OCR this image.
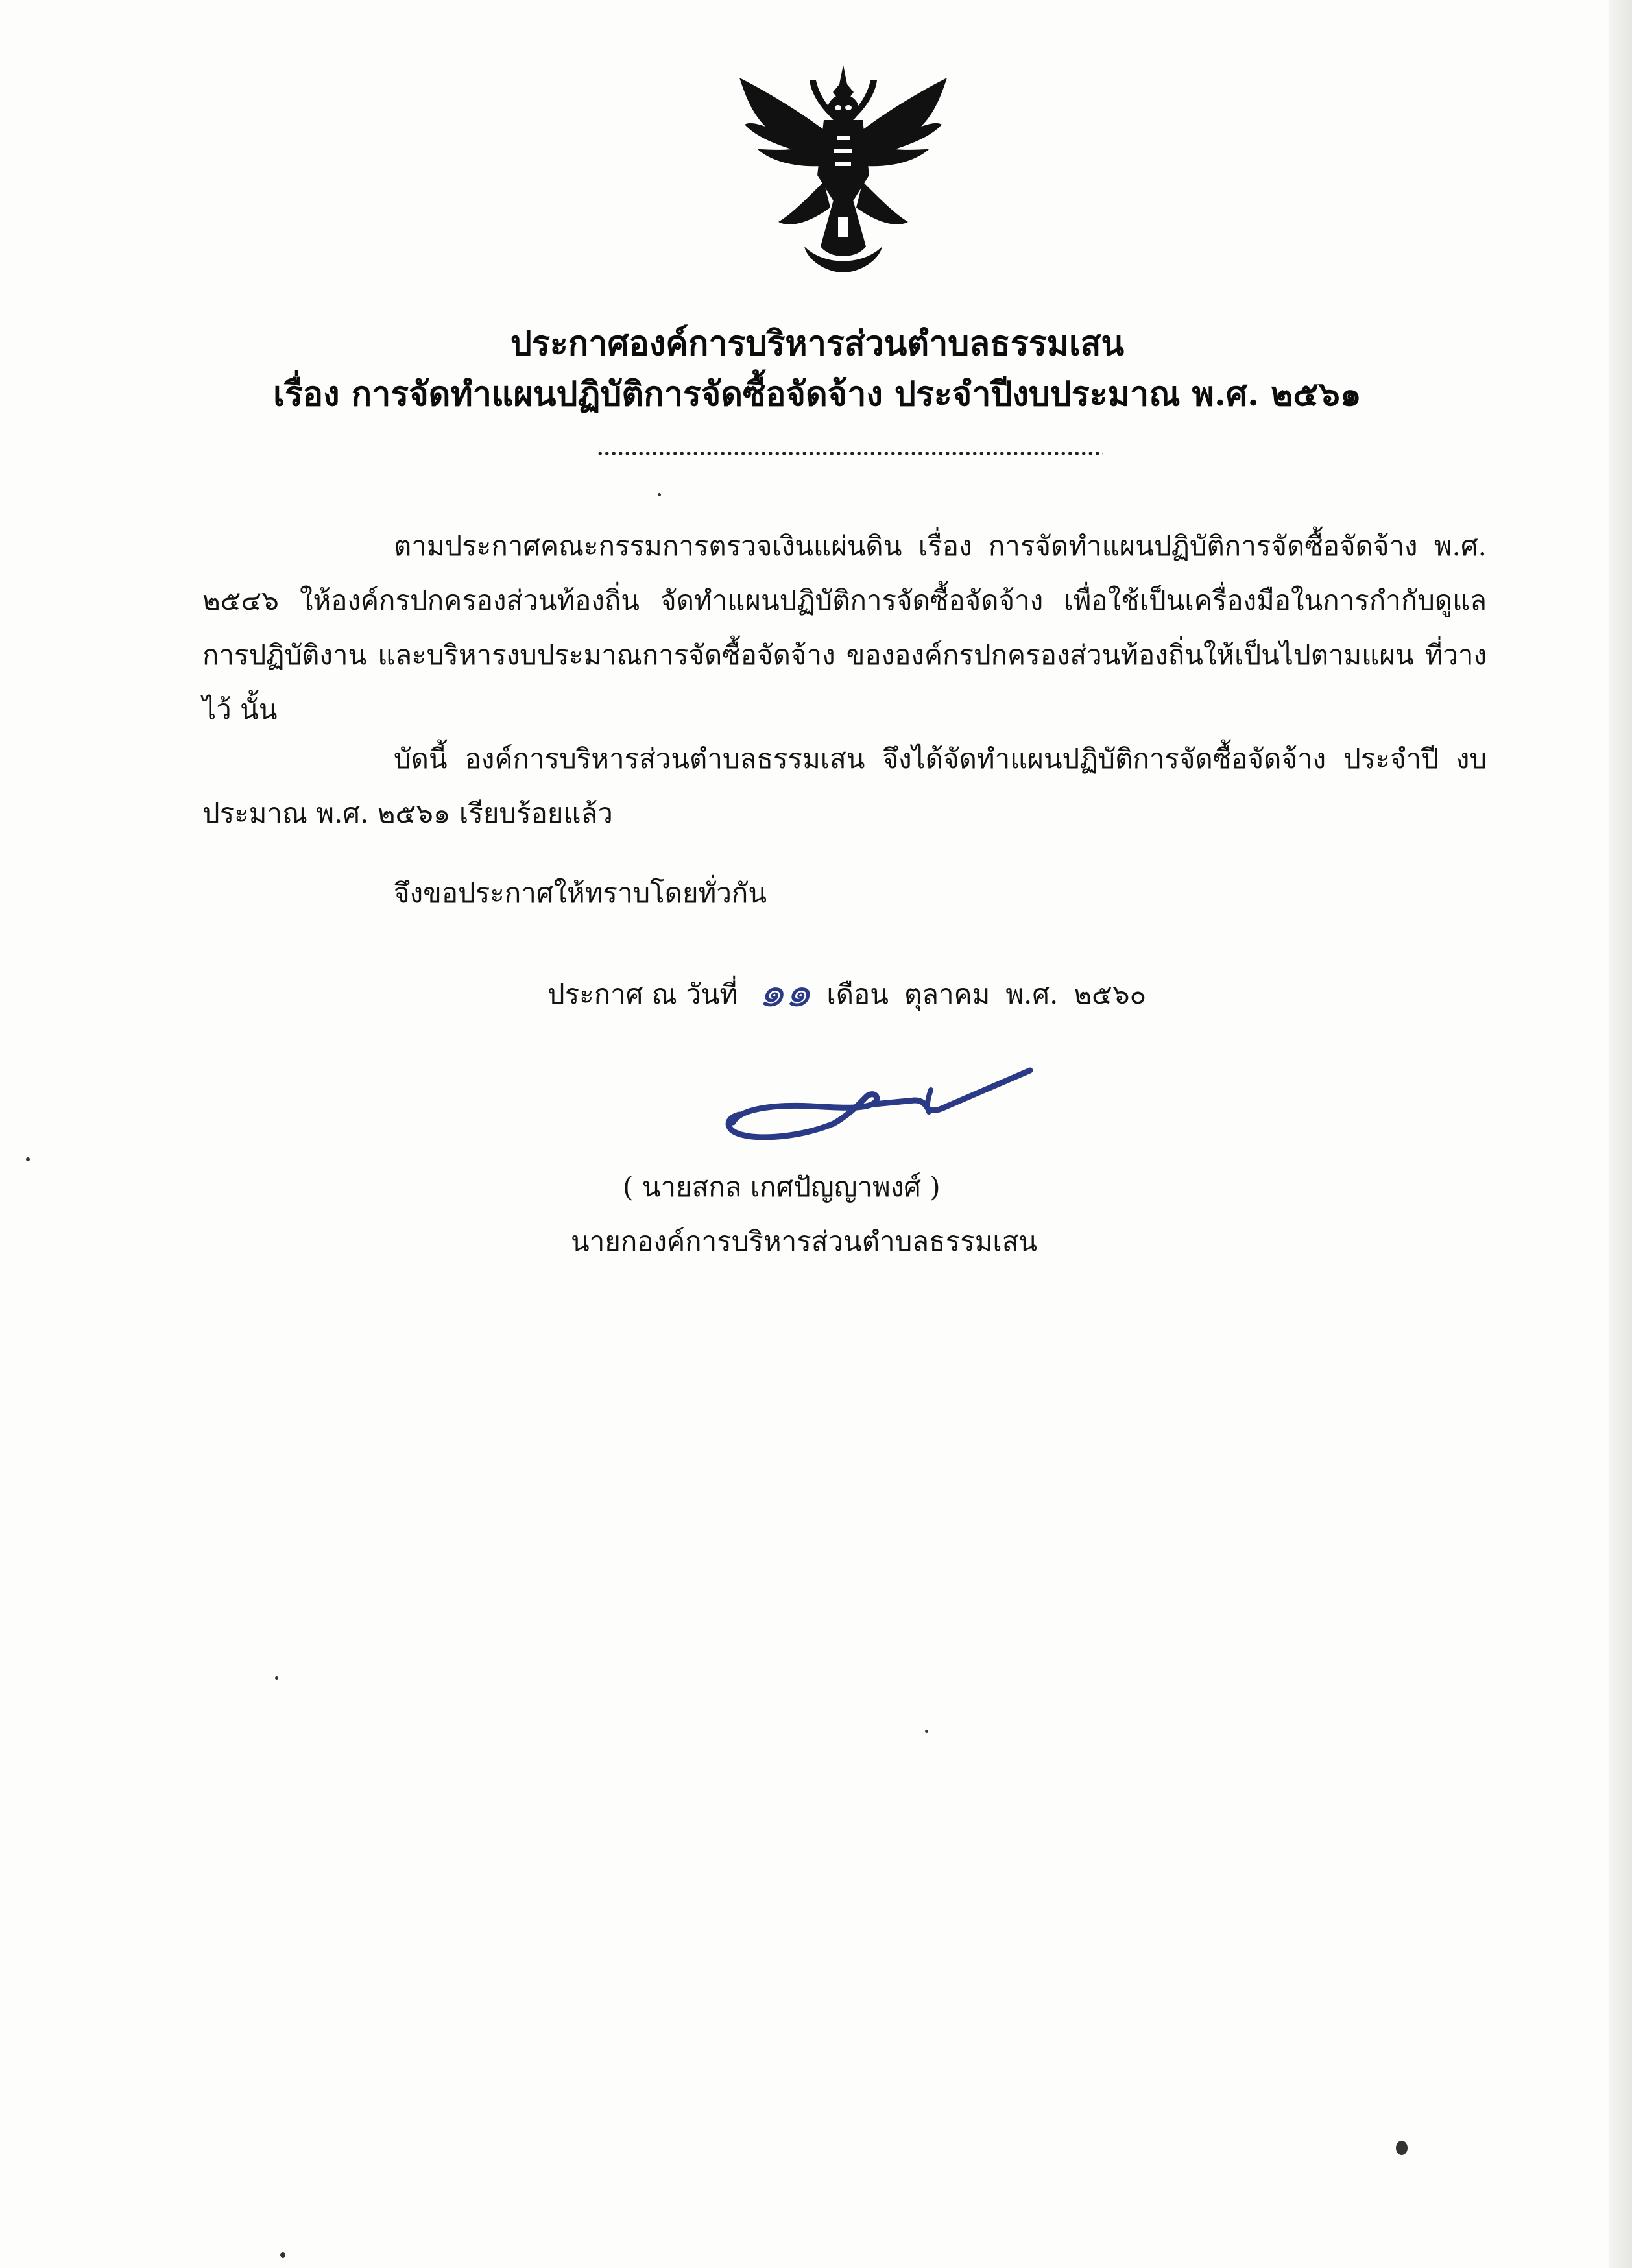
ประกาศองค์การบริหารส่วนตำบลธรรมเสน
เรื่อง การจัดทำแผนปฏิบัติการจัดซื้อจัดจ้าง ประจำปีงบประมาณ พ.ศ. ๒๕๖๑

ตามประกาศคณะกรรมการตรวจเงินแผ่นดิน เรื่อง การจัดทำแผนปฏิบัติการจัดซื้อจัดจ้าง พ.ศ. ๒๕๔๖ ให้องค์กรปกครองส่วนท้องถิ่น จัดทำแผนปฏิบัติการจัดซื้อจัดจ้าง เพื่อใช้เป็นเครื่องมือในการกำกับดูแล การปฏิบัติงาน และบริหารงบประมาณการจัดซื้อจัดจ้าง ขององค์กรปกครองส่วนท้องถิ่นให้เป็นไปตามแผน ที่วางไว้ นั้น

บัดนี้ องค์การบริหารส่วนตำบลธรรมเสน จึงได้จัดทำแผนปฏิบัติการจัดซื้อจัดจ้าง ประจำปี งบประมาณ พ.ศ. ๒๕๖๑ เรียบร้อยแล้ว

จึงขอประกาศให้ทราบโดยทั่วกัน

ประกาศ ณ วันที่ ๑๑ เดือน ตุลาคม พ.ศ. ๒๕๖๐
( นายสกล เกศปัญญาพงศ์ )
นายกองค์การบริหารส่วนตำบลธรรมเสน
